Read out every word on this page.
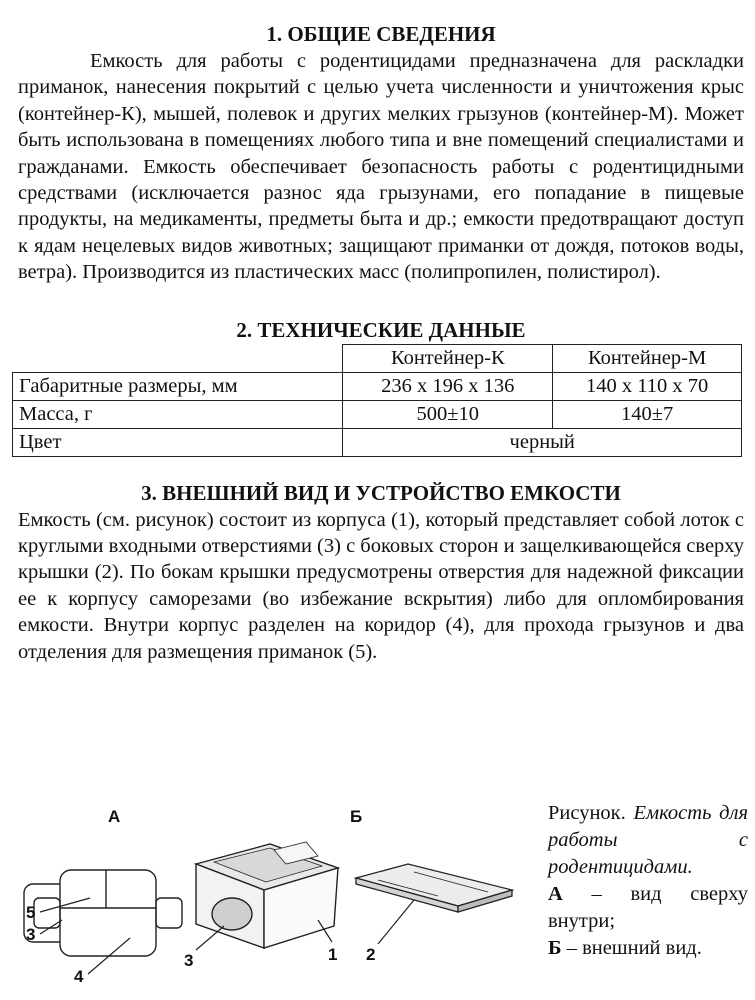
1. ОБЩИЕ СВЕДЕНИЯ

Емкость для работы с родентицидами предназначена для раскладки приманок, нанесения покрытий с целью учета численности и уничтожения крыс (контейнер-К), мышей, полевок и других мелких грызунов (контейнер-М). Может быть использована в помещениях любого типа и вне помещений специалистами и гражданами. Емкость обеспечивает безопасность работы с родентицидными средствами (исключается разнос яда грызунами, его попадание в пищевые продукты, на медикаменты, предметы быта и др.; емкости предотвращают доступ к ядам нецелевых видов животных; защищают приманки от дождя, потоков воды, ветра). Производится из пластических масс (полипропилен, полистирол).

2. ТЕХНИЧЕСКИЕ ДАННЫЕ
	Контейнер-К	Контейнер-М
Габаритные размеры, мм	236 х 196 х 136	140 х 110 х 70
Масса, г	500±10	140±7
Цвет	черный	
3. ВНЕШНИЙ ВИД И УСТРОЙСТВО ЕМКОСТИ

Емкость (см. рисунок) состоит из корпуса (1), который представляет собой лоток с круглыми входными отверстиями (3) с боковых сторон и защелкивающейся сверху крышки (2). По бокам крышки предусмотрены отверстия для надежной фиксации ее к корпусу саморезами (во избежание вскрытия) либо для опломбирования емкости. Внутри корпус разделен на коридор (4), для прохода грызунов и два отделения для размещения приманок (5).

А	Б
5
3
4
3	1 2
Рисунок. Емкость для работы с родентицидами.
А – вид сверху внутри;
Б – внешний вид.
